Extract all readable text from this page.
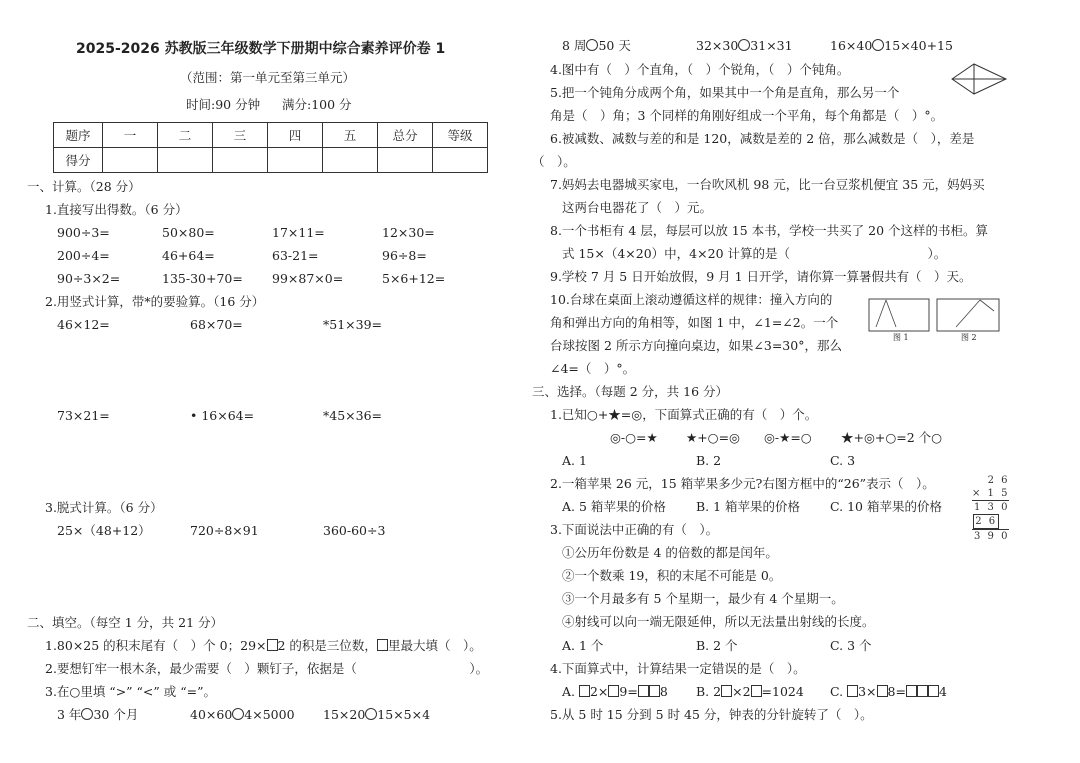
2025-2026 苏教版三年级数学下册期中综合素养评价卷 1
（范围：第一单元至第三单元）
时间:90 分钟 满分:100 分
题序	一	二	三	四	五	总分	等级
得分							
一、计算。（28 分）
1.直接写出得数。（6 分）
900÷3=	50×80=	17×11=	12×30=
200÷4=	46+64=	63-21=	96÷8=
90÷3×2=	135-30+70= 99×87×0=	5×6+12=
2.用竖式计算，带*的要验算。（16 分）
46×12=	68×70=	*51×39=
73×21=	• 16×64=	*45×36=
3.脱式计算。（6 分）
25×（48+12）	720÷8×91	360-60÷3
二、填空。（每空 1 分，共 21 分）
1.80×25 的积末尾有（　）个 0；29× 2 的积是三位数， 里最大填（　）。
2.要想钉牢一根木条，最少需要（　）颗钉子，依据是（　　　　　　　　　）。
3.在○里填 “>” “<” 或 “=”。
3 年 30 个月	40×60 4×5000 15×20 15×5×4
8 周 50 天	32×30 31×31	16×40 15×40+15
4.图中有（　）个直角，（　）个锐角，（　）个钝角。
5.把一个钝角分成两个角，如果其中一个角是直角，那么另一个
角是（　）角；3 个同样的角刚好组成一个平角，每个角都是（　）°。
6.被减数、减数与差的和是 120，减数是差的 2 倍，那么减数是（　），差是
（　）。
7.妈妈去电器城买家电，一台吹风机 98 元，比一台豆浆机便宜 35 元，妈妈买
这两台电器花了（　）元。
8.一个书柜有 4 层，每层可以放 15 本书，学校一共买了 20 个这样的书柜。算
式 15×（4×20）中，4×20 计算的是（　　　　　　　　　　　）。
9.学校 7 月 5 日开始放假，9 月 1 日开学，请你算一算暑假共有（　）天。
10.台球在桌面上滚动遵循这样的规律：撞入方向的
角和弹出方向的角相等，如图 1 中，∠1=∠2。一个
台球按图 2 所示方向撞向桌边，如果∠3=30°，那么
∠4=（　）°。
图 1	图 2
三、选择。（每题 2 分，共 16 分）
1.已知○+★=◎，下面算式正确的有（　）个。
◎-○=★ ★+○=◎ ◎-★=○ ★+◎+○=2 个○
A. 1	B. 2	C. 3
2.一箱苹果 26 元，15 箱苹果多少元?右图方框中的“26”表示（　）。
A. 5 箱苹果的价格 B. 1 箱苹果的价格 C. 10 箱苹果的价格
2 6
× 1 5
1 3 0
2 6
3 9 0
3.下面说法中正确的有（　）。
①公历年份数是 4 的倍数的都是闰年。
②一个数乘 19，积的末尾不可能是 0。
③一个月最多有 5 个星期一，最少有 4 个星期一。
④射线可以向一端无限延伸，所以无法量出射线的长度。
A. 1 个	B. 2 个	C. 3 个
4.下面算式中，计算结果一定错误的是（　）。
A. 2× 9= 8 B. 2 ×2 =1024 C. 3× 8=	4
5.从 5 时 15 分到 5 时 45 分，钟表的分针旋转了（　）。
